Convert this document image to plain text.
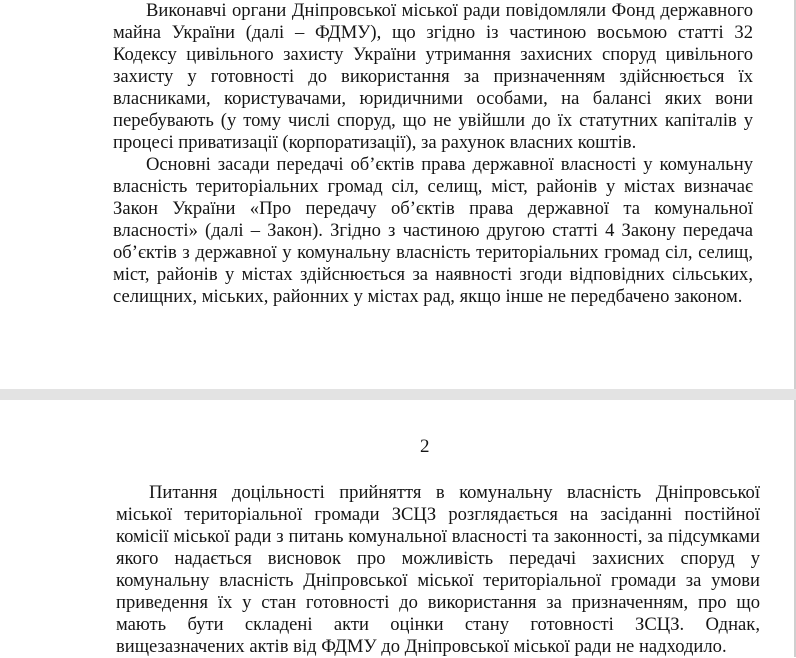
Виконавчі органи Дніпровської міської ради повідомляли Фонд державного майна України (далі – ФДМУ), що згідно із частиною восьмою статті 32 Кодексу цивільного захисту України утримання захисних споруд цивільного захисту у готовності до використання за призначенням здійснюється їх власниками, користувачами, юридичними особами, на балансі яких вони перебувають (у тому числі споруд, що не увійшли до їх статутних капіталів у процесі приватизації (корпоратизації), за рахунок власних коштів.

Основні засади передачі об’єктів права державної власності у комунальну власність територіальних громад сіл, селищ, міст, районів у містах визначає Закон України «Про передачу об’єктів права державної та комунальної власності» (далі – Закон). Згідно з частиною другою статті 4 Закону передача об’єктів з державної у комунальну власність територіальних громад сіл, селищ, міст, районів у містах здійснюється за наявності згоди відповідних сільських, селищних, міських, районних у містах рад, якщо інше не передбачено законом.

2

Питання доцільності прийняття в комунальну власність Дніпровської міської територіальної громади ЗСЦЗ розглядається на засіданні постійної комісії міської ради з питань комунальної власності та законності, за підсумками якого надається висновок про можливість передачі захисних споруд у комунальну власність Дніпровської міської територіальної громади за умови приведення їх у стан готовності до використання за призначенням, про що мають бути складені акти оцінки стану готовності ЗСЦЗ. Однак, вищезазначених актів від ФДМУ до Дніпровської міської ради не надходило.
